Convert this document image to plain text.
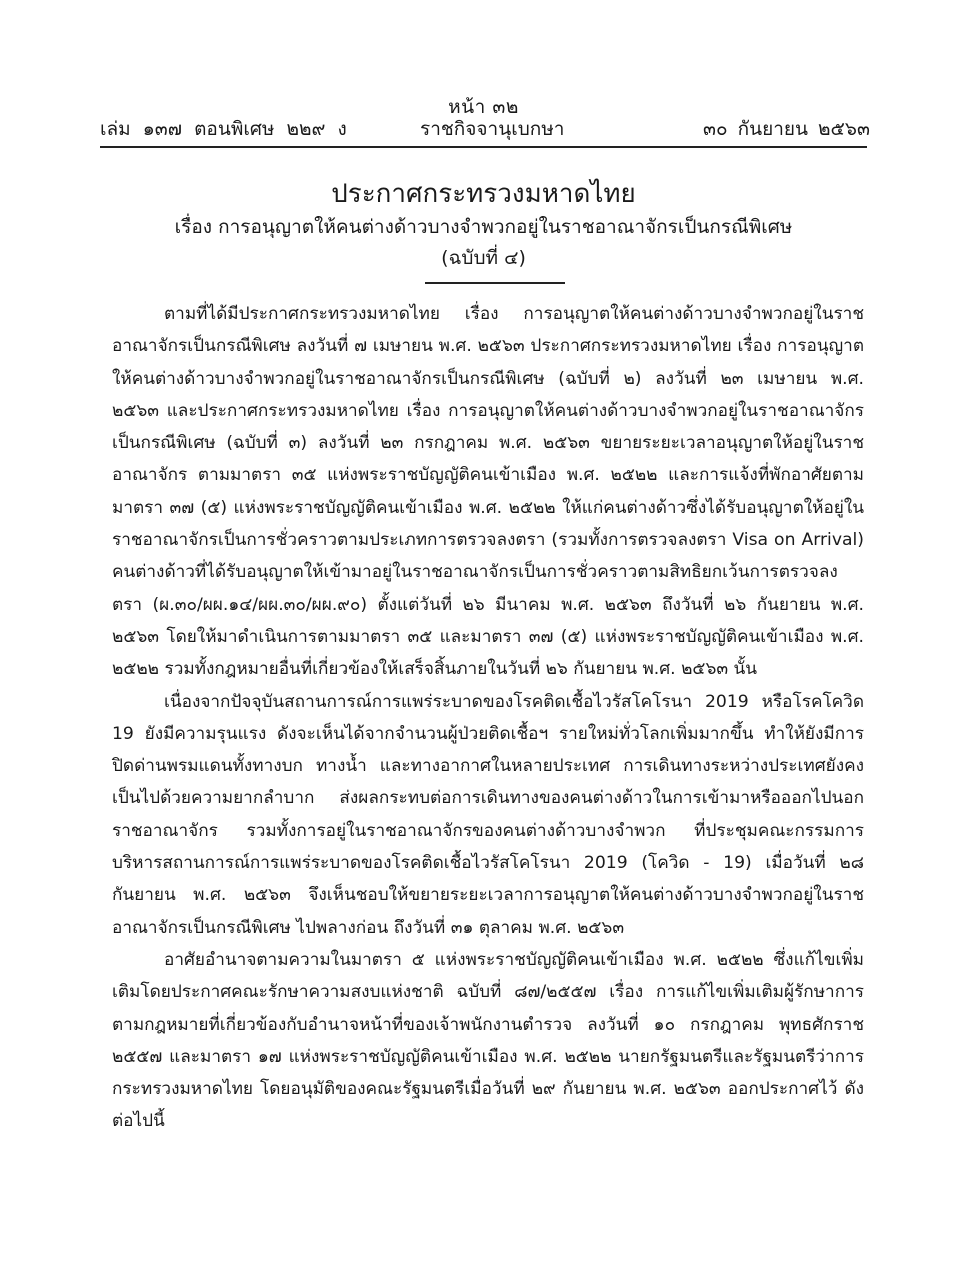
หน้า ๓๒
เล่ม ๑๓๗ ตอนพิเศษ ๒๒๙ ง	ราชกิจจานุเบกษา	๓๐ กันยายน ๒๕๖๓
ประกาศกระทรวงมหาดไทย
เรื่อง การอนุญาตให้คนต่างด้าวบางจำพวกอยู่ในราชอาณาจักรเป็นกรณีพิเศษ
(ฉบับที่ ๔)

ตามที่ได้มีประกาศกระทรวงมหาดไทย เรื่อง การอนุญาตให้คนต่างด้าวบางจำพวกอยู่ในราชอาณาจักรเป็นกรณีพิเศษ ลงวันที่ ๗ เมษายน พ.ศ. ๒๕๖๓ ประกาศกระทรวงมหาดไทย เรื่อง การอนุญาตให้คนต่างด้าวบางจำพวกอยู่ในราชอาณาจักรเป็นกรณีพิเศษ (ฉบับที่ ๒) ลงวันที่ ๒๓ เมษายน พ.ศ. ๒๕๖๓ และประกาศกระทรวงมหาดไทย เรื่อง การอนุญาตให้คนต่างด้าวบางจำพวกอยู่ในราชอาณาจักรเป็นกรณีพิเศษ (ฉบับที่ ๓) ลงวันที่ ๒๓ กรกฎาคม พ.ศ. ๒๕๖๓ ขยายระยะเวลาอนุญาตให้อยู่ในราชอาณาจักร ตามมาตรา ๓๕ แห่งพระราชบัญญัติคนเข้าเมือง พ.ศ. ๒๕๒๒ และการแจ้งที่พักอาศัยตามมาตรา ๓๗ (๕) แห่งพระราชบัญญัติคนเข้าเมือง พ.ศ. ๒๕๒๒ ให้แก่คนต่างด้าวซึ่งได้รับอนุญาตให้อยู่ในราชอาณาจักรเป็นการชั่วคราวตามประเภทการตรวจลงตรา (รวมทั้งการตรวจลงตรา Visa on Arrival) คนต่างด้าวที่ได้รับอนุญาตให้เข้ามาอยู่ในราชอาณาจักรเป็นการชั่วคราวตามสิทธิยกเว้นการตรวจลงตรา (ผ.๓๐/ผผ.๑๔/ผผ.๓๐/ผผ.๙๐) ตั้งแต่วันที่ ๒๖ มีนาคม พ.ศ. ๒๕๖๓ ถึงวันที่ ๒๖ กันยายน พ.ศ. ๒๕๖๓ โดยให้มาดำเนินการตามมาตรา ๓๕ และมาตรา ๓๗ (๕) แห่งพระราชบัญญัติคนเข้าเมือง พ.ศ. ๒๕๒๒ รวมทั้งกฎหมายอื่นที่เกี่ยวข้องให้เสร็จสิ้นภายในวันที่ ๒๖ กันยายน พ.ศ. ๒๕๖๓ นั้น

เนื่องจากปัจจุบันสถานการณ์การแพร่ระบาดของโรคติดเชื้อไวรัสโคโรนา 2019 หรือโรคโควิด 19 ยังมีความรุนแรง ดังจะเห็นได้จากจำนวนผู้ป่วยติดเชื้อฯ รายใหม่ทั่วโลกเพิ่มมากขึ้น ทำให้ยังมีการปิดด่านพรมแดนทั้งทางบก ทางน้ำ และทางอากาศในหลายประเทศ การเดินทางระหว่างประเทศยังคงเป็นไปด้วยความยากลำบาก ส่งผลกระทบต่อการเดินทางของคนต่างด้าวในการเข้ามาหรือออกไปนอกราชอาณาจักร รวมทั้งการอยู่ในราชอาณาจักรของคนต่างด้าวบางจำพวก ที่ประชุมคณะกรรมการบริหารสถานการณ์การแพร่ระบาดของโรคติดเชื้อไวรัสโคโรนา 2019 (โควิด - 19) เมื่อวันที่ ๒๘ กันยายน พ.ศ. ๒๕๖๓ จึงเห็นชอบให้ขยายระยะเวลาการอนุญาตให้คนต่างด้าวบางจำพวกอยู่ในราชอาณาจักรเป็นกรณีพิเศษ ไปพลางก่อน ถึงวันที่ ๓๑ ตุลาคม พ.ศ. ๒๕๖๓

อาศัยอำนาจตามความในมาตรา ๕ แห่งพระราชบัญญัติคนเข้าเมือง พ.ศ. ๒๕๒๒ ซึ่งแก้ไขเพิ่มเติมโดยประกาศคณะรักษาความสงบแห่งชาติ ฉบับที่ ๘๗/๒๕๕๗ เรื่อง การแก้ไขเพิ่มเติมผู้รักษาการตามกฎหมายที่เกี่ยวข้องกับอำนาจหน้าที่ของเจ้าพนักงานตำรวจ ลงวันที่ ๑๐ กรกฎาคม พุทธศักราช ๒๕๕๗ และมาตรา ๑๗ แห่งพระราชบัญญัติคนเข้าเมือง พ.ศ. ๒๕๒๒ นายกรัฐมนตรีและรัฐมนตรีว่าการกระทรวงมหาดไทย โดยอนุมัติของคณะรัฐมนตรีเมื่อวันที่ ๒๙ กันยายน พ.ศ. ๒๕๖๓ ออกประกาศไว้ ดังต่อไปนี้
